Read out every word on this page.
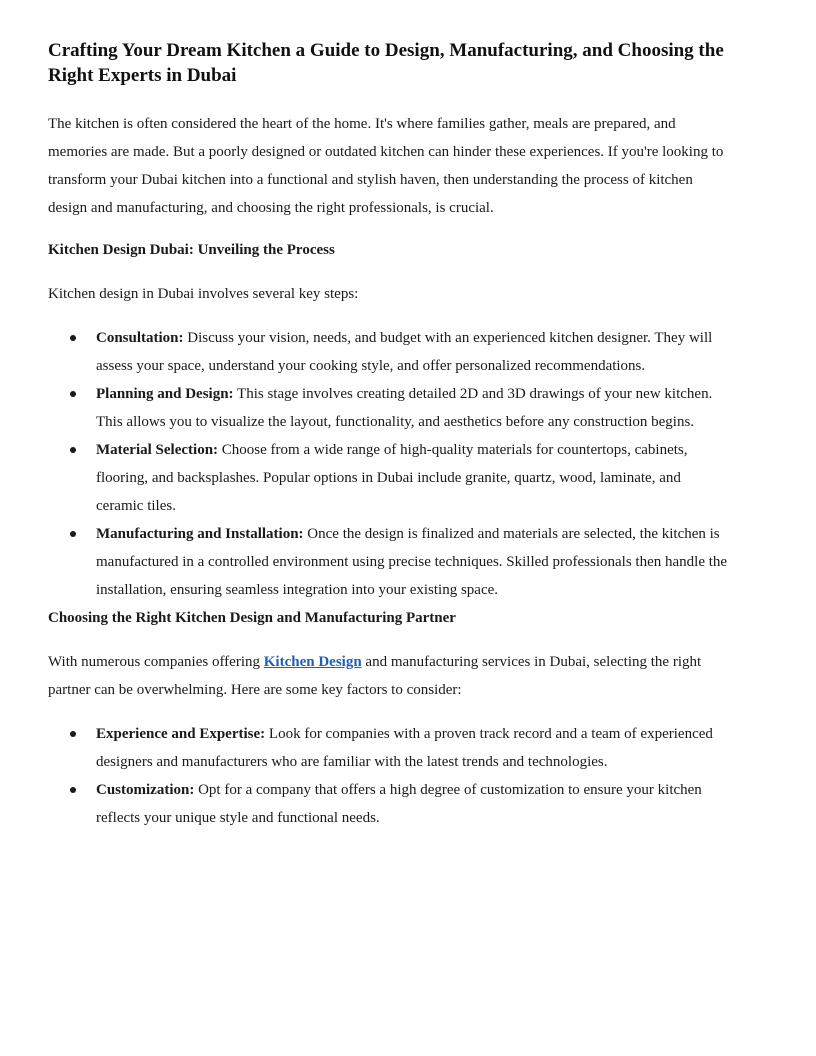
Crafting Your Dream Kitchen a Guide to Design, Manufacturing, and Choosing the Right Experts in Dubai

The kitchen is often considered the heart of the home. It's where families gather, meals are prepared, and memories are made. But a poorly designed or outdated kitchen can hinder these experiences. If you're looking to transform your Dubai kitchen into a functional and stylish haven, then understanding the process of kitchen design and manufacturing, and choosing the right professionals, is crucial.

Kitchen Design Dubai: Unveiling the Process

Kitchen design in Dubai involves several key steps:

Consultation: Discuss your vision, needs, and budget with an experienced kitchen designer. They will assess your space, understand your cooking style, and offer personalized recommendations.
Planning and Design: This stage involves creating detailed 2D and 3D drawings of your new kitchen. This allows you to visualize the layout, functionality, and aesthetics before any construction begins.
Material Selection: Choose from a wide range of high-quality materials for countertops, cabinets, flooring, and backsplashes. Popular options in Dubai include granite, quartz, wood, laminate, and ceramic tiles.
Manufacturing and Installation: Once the design is finalized and materials are selected, the kitchen is manufactured in a controlled environment using precise techniques. Skilled professionals then handle the installation, ensuring seamless integration into your existing space.
Choosing the Right Kitchen Design and Manufacturing Partner

With numerous companies offering Kitchen Design and manufacturing services in Dubai, selecting the right partner can be overwhelming. Here are some key factors to consider:

Experience and Expertise: Look for companies with a proven track record and a team of experienced designers and manufacturers who are familiar with the latest trends and technologies.
Customization: Opt for a company that offers a high degree of customization to ensure your kitchen reflects your unique style and functional needs.
